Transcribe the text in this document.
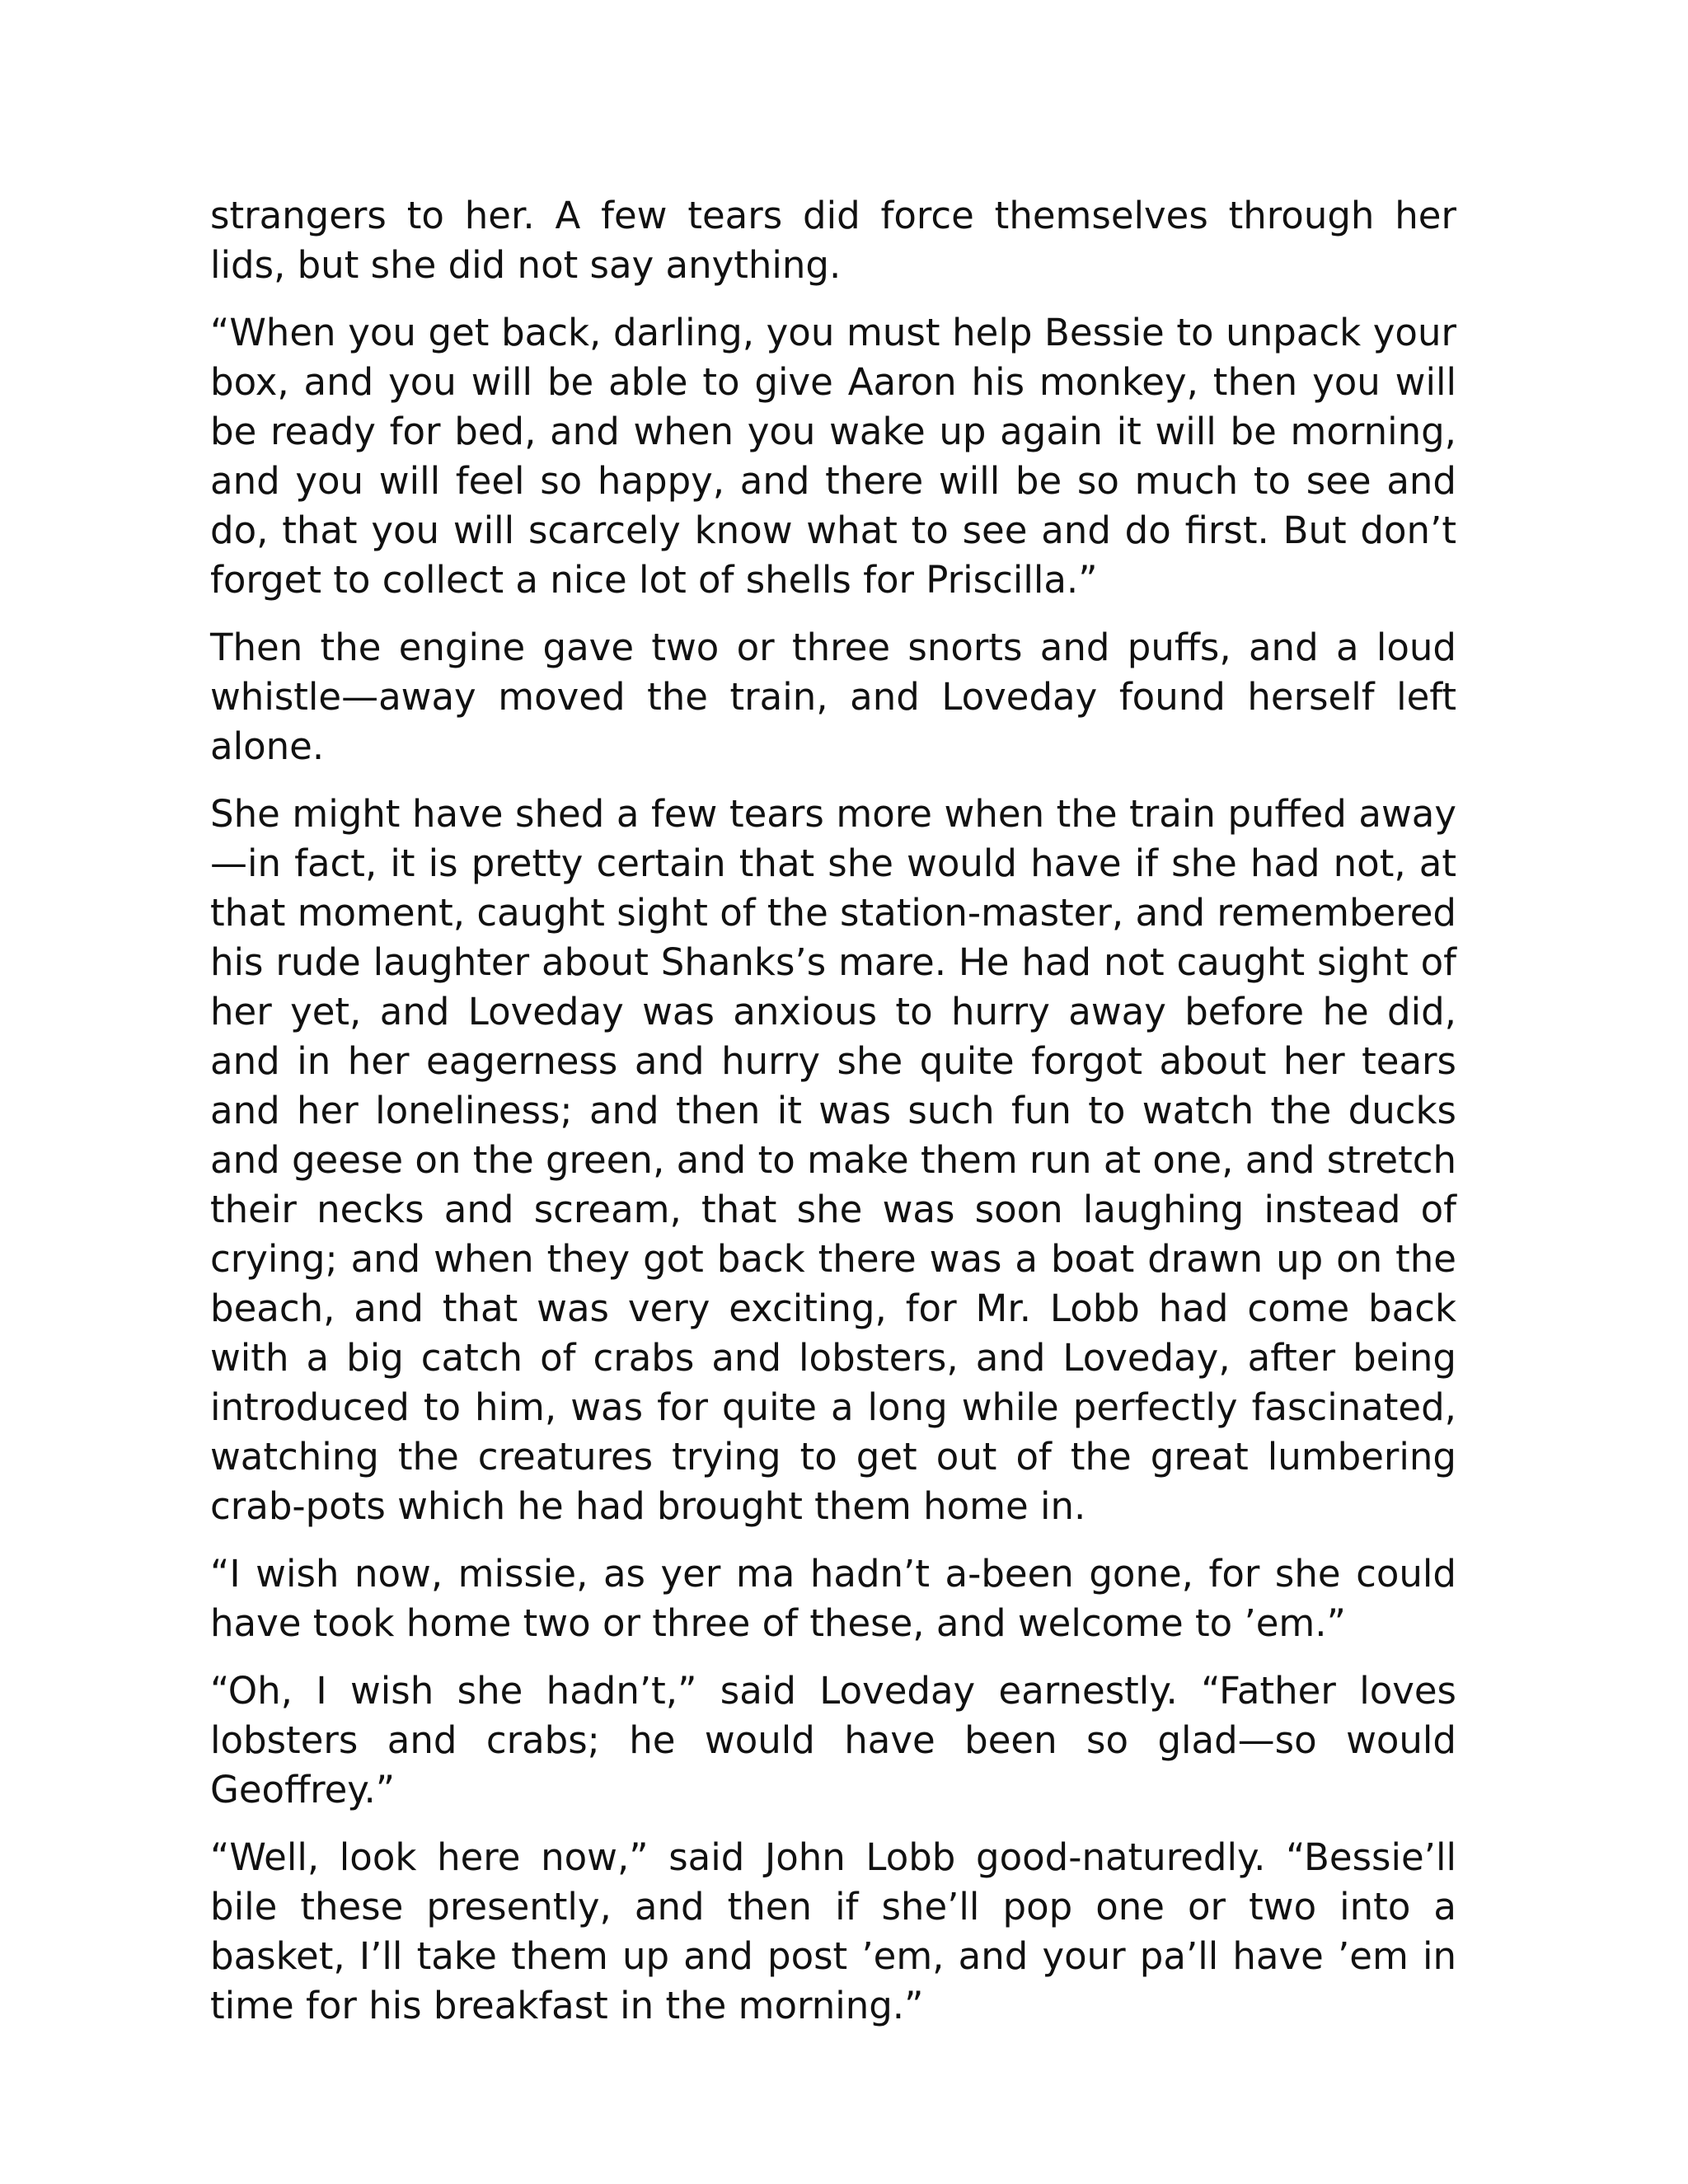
strangers to her. A few tears did force themselves through her lids, but she did not say anything.

“When you get back, darling, you must help Bessie to unpack your box, and you will be able to give Aaron his monkey, then you will be ready for bed, and when you wake up again it will be morning, and you will feel so happy, and there will be so much to see and do, that you will scarcely know what to see and do first. But don’t forget to collect a nice lot of shells for Priscilla.”

Then the engine gave two or three snorts and puffs, and a loud whistle—away moved the train, and Loveday found herself left alone.

She might have shed a few tears more when the train puffed away—in fact, it is pretty certain that she would have if she had not, at that moment, caught sight of the station-master, and remembered his rude laughter about Shanks’s mare. He had not caught sight of her yet, and Loveday was anxious to hurry away before he did, and in her eagerness and hurry she quite forgot about her tears and her loneliness; and then it was such fun to watch the ducks and geese on the green, and to make them run at one, and stretch their necks and scream, that she was soon laughing instead of crying; and when they got back there was a boat drawn up on the beach, and that was very exciting, for Mr. Lobb had come back with a big catch of crabs and lobsters, and Loveday, after being introduced to him, was for quite a long while perfectly fascinated, watching the creatures trying to get out of the great lumbering crab-pots which he had brought them home in.

“I wish now, missie, as yer ma hadn’t a-been gone, for she could have took home two or three of these, and welcome to ’em.”

“Oh, I wish she hadn’t,” said Loveday earnestly. “Father loves lobsters and crabs; he would have been so glad—so would Geoffrey.”

“Well, look here now,” said John Lobb good-naturedly. “Bessie’ll bile these presently, and then if she’ll pop one or two into a basket, I’ll take them up and post ’em, and your pa’ll have ’em in time for his breakfast in the morning.”
